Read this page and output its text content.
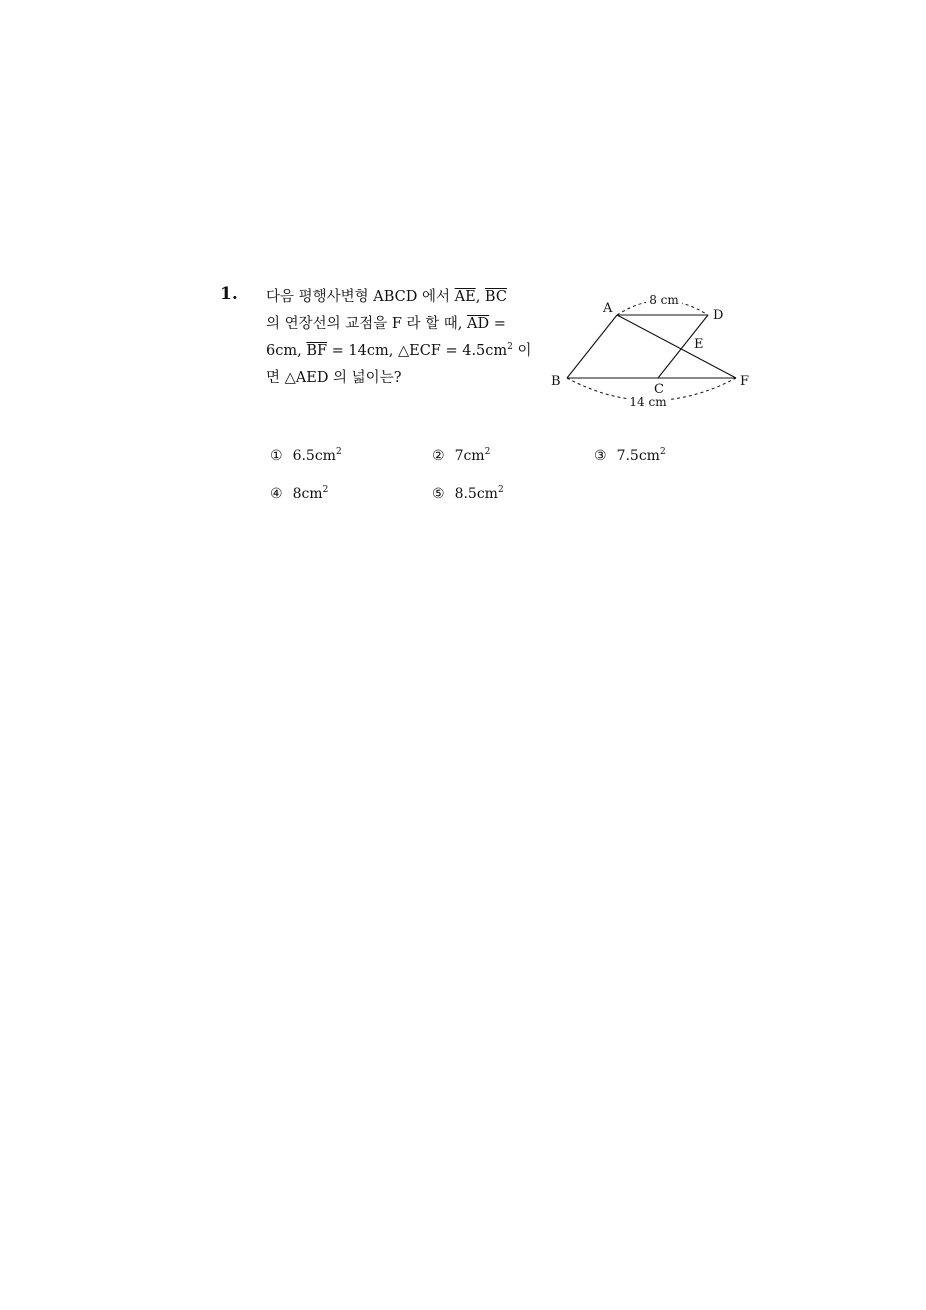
1. 다음 평행사변형 ABCD 에서 $\overline{AE}$, $\overline{BC}$
의 연장선의 교점을 F 라 할 때, $\overline{AD}$ =
6cm, $\overline{BF} = 14cm$, △ECF = $4.5cm^2$ 이
면 △AED 의 넓이는?
8 cm
14 cm
A	D
E
B
C
F
① $6.5cm^2$	② $7cm^2$	③ $7.5cm^2$
④ $8cm^2$	⑤ $8.5cm^2$
